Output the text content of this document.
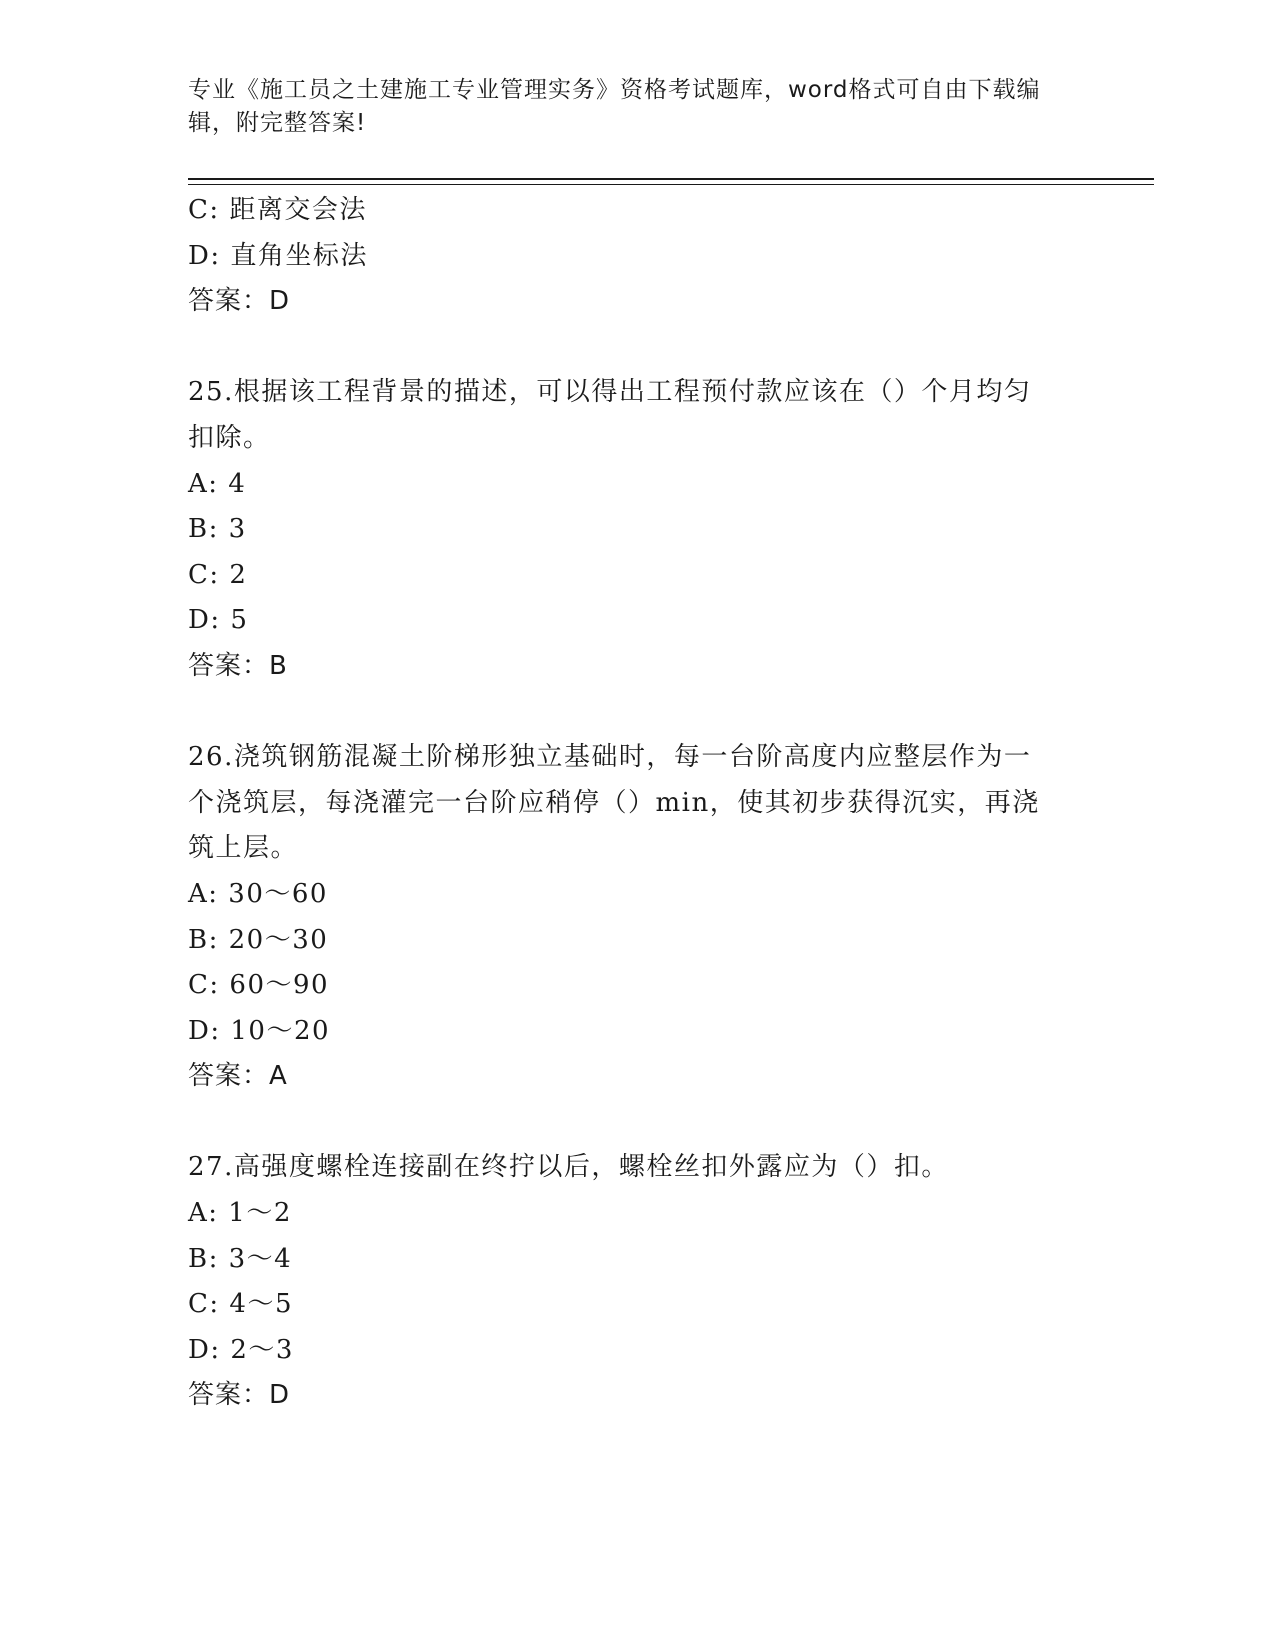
专业《施工员之土建施工专业管理实务》资格考试题库，word格式可自由下载编
辑，附完整答案!
C: 距离交会法
D: 直角坐标法
答案：D
25.根据该工程背景的描述，可以得出工程预付款应该在（）个月均匀
扣除。
A: 4
B: 3
C: 2
D: 5
答案：B
26.浇筑钢筋混凝土阶梯形独立基础时，每一台阶高度内应整层作为一
个浇筑层，每浇灌完一台阶应稍停（）min，使其初步获得沉实，再浇
筑上层。
A: 30～60
B: 20～30
C: 60～90
D: 10～20
答案：A
27.高强度螺栓连接副在终拧以后，螺栓丝扣外露应为（）扣。
A: 1～2
B: 3～4
C: 4～5
D: 2～3
答案：D
